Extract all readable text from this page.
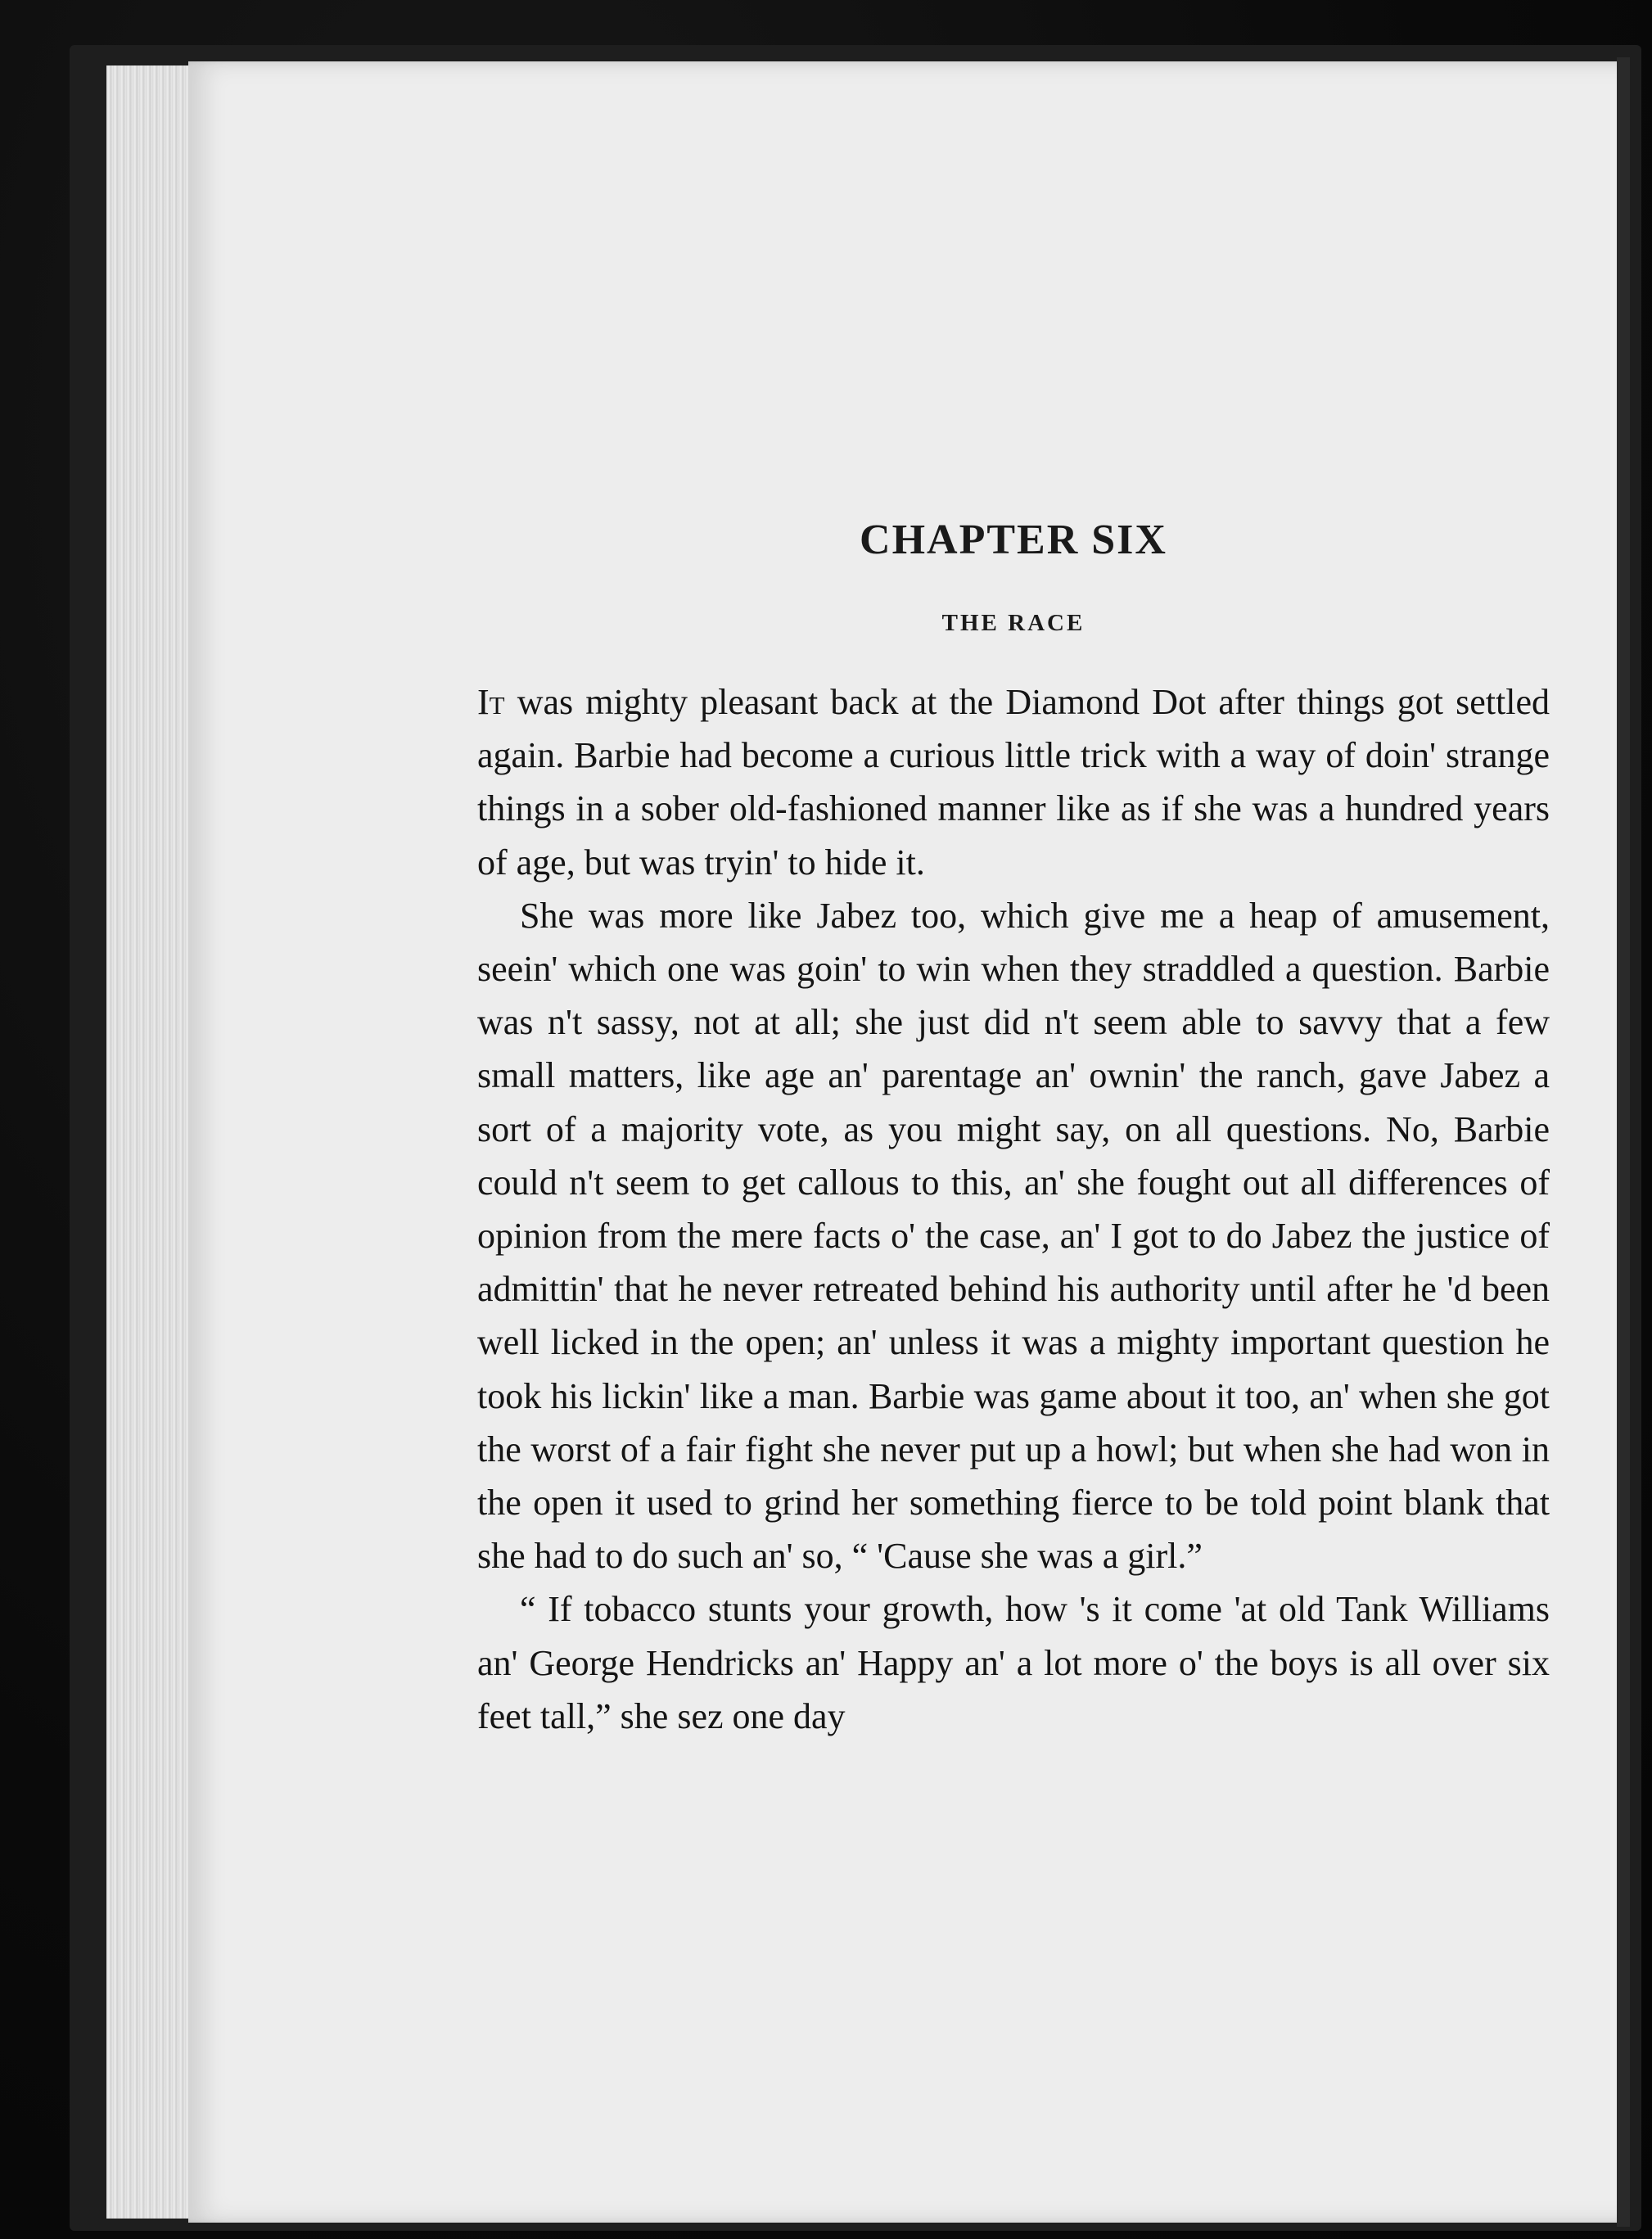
CHAPTER SIX
THE RACE

It was mighty pleasant back at the Diamond Dot after things got settled again. Barbie had become a curious little trick with a way of doin' strange things in a sober old-fashioned manner like as if she was a hundred years of age, but was tryin' to hide it.

She was more like Jabez too, which give me a heap of amusement, seein' which one was goin' to win when they straddled a question. Barbie was n't sassy, not at all; she just did n't seem able to savvy that a few small matters, like age an' parentage an' ownin' the ranch, gave Jabez a sort of a majority vote, as you might say, on all questions. No, Barbie could n't seem to get callous to this, an' she fought out all differences of opinion from the mere facts o' the case, an' I got to do Jabez the justice of admittin' that he never retreated behind his authority until after he 'd been well licked in the open; an' unless it was a mighty important question he took his lickin' like a man. Barbie was game about it too, an' when she got the worst of a fair fight she never put up a howl; but when she had won in the open it used to grind her something fierce to be told point blank that she had to do such an' so, “ 'Cause she was a girl.”

“ If tobacco stunts your growth, how 's it come 'at old Tank Williams an' George Hendricks an' Happy an' a lot more o' the boys is all over six feet tall,” she sez one day
